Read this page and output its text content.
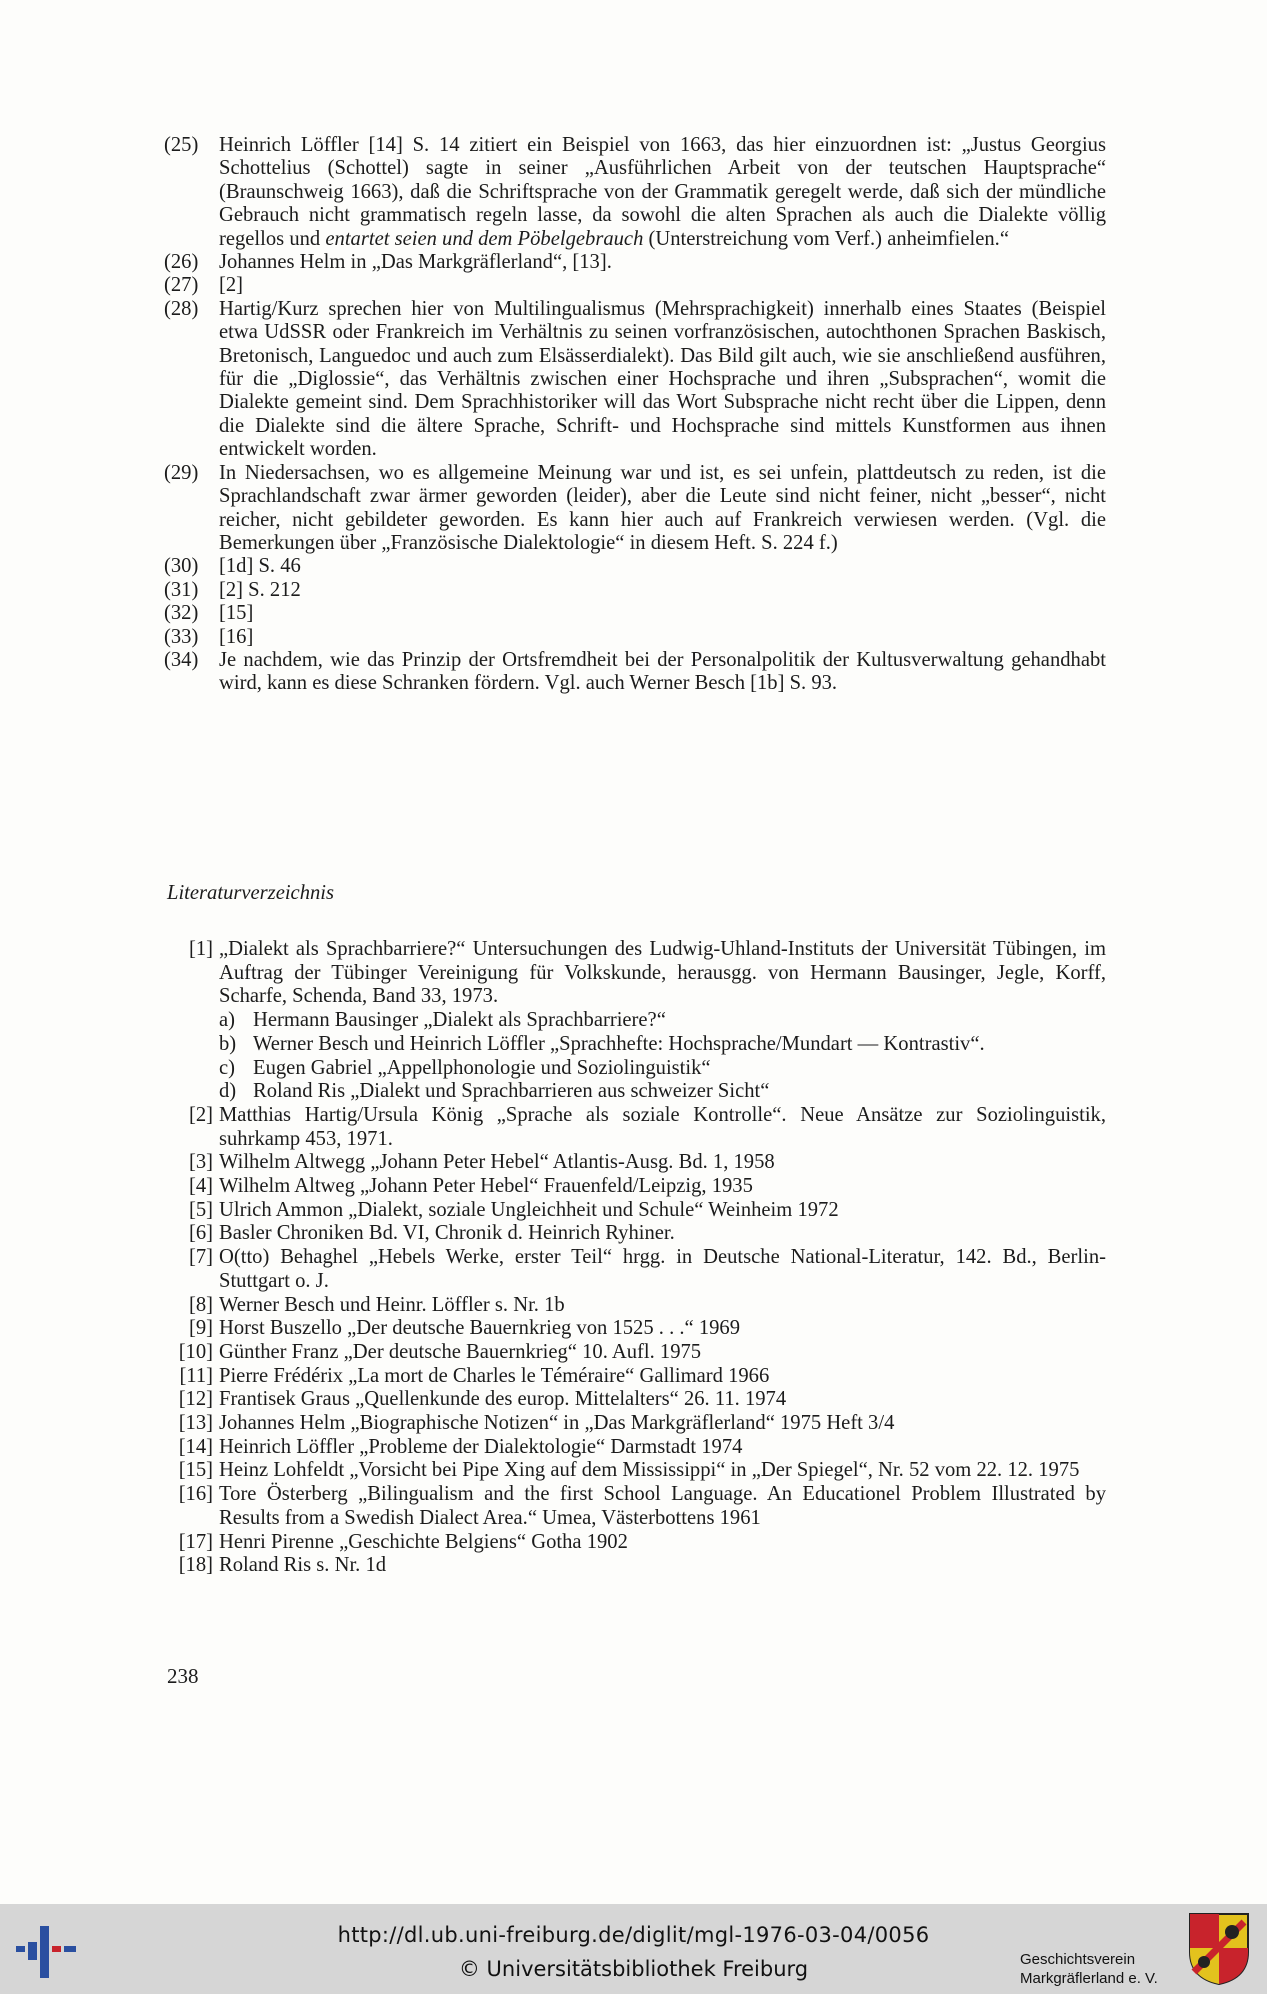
(25)	Heinrich Löffler [14] S. 14 zitiert ein Beispiel von 1663, das hier einzuordnen ist: „Justus Georgius Schottelius (Schottel) sagte in seiner „Ausführlichen Arbeit von der teutschen Hauptsprache“ (Braunschweig 1663), daß die Schriftsprache von der Grammatik geregelt werde, daß sich der mündliche Gebrauch nicht grammatisch regeln lasse, da sowohl die alten Sprachen als auch die Dialekte völlig regellos und entartet seien und dem Pöbelgebrauch (Unterstreichung vom Verf.) anheimfielen.“
(26)	Johannes Helm in „Das Markgräflerland“, [13].
(27)	[2]
(28)	Hartig/Kurz sprechen hier von Multilingualismus (Mehrsprachigkeit) innerhalb eines Staates (Beispiel etwa UdSSR oder Frankreich im Verhältnis zu seinen vorfranzösischen, autochthonen Sprachen Baskisch, Bretonisch, Languedoc und auch zum Elsässerdialekt). Das Bild gilt auch, wie sie anschließend ausführen, für die „Diglossie“, das Verhältnis zwischen einer Hochsprache und ihren „Subsprachen“, womit die Dialekte gemeint sind. Dem Sprachhistoriker will das Wort Subsprache nicht recht über die Lippen, denn die Dialekte sind die ältere Sprache, Schrift- und Hochsprache sind mittels Kunstformen aus ihnen entwickelt worden.
(29)	In Niedersachsen, wo es allgemeine Meinung war und ist, es sei unfein, plattdeutsch zu reden, ist die Sprachlandschaft zwar ärmer geworden (leider), aber die Leute sind nicht feiner, nicht „besser“, nicht reicher, nicht gebildeter geworden. Es kann hier auch auf Frankreich verwiesen werden. (Vgl. die Bemerkungen über „Französische Dialektologie“ in diesem Heft. S. 224 f.)
(30)	[1d] S. 46
(31)	[2] S. 212
(32)	[15]
(33)	[16]
(34)	Je nachdem, wie das Prinzip der Ortsfremdheit bei der Personalpolitik der Kultusverwaltung gehandhabt wird, kann es diese Schranken fördern. Vgl. auch Werner Besch [1b] S. 93.
Literaturverzeichnis
[1] „Dialekt als Sprachbarriere?“ Untersuchungen des Ludwig-Uhland-Instituts der Universität Tübingen, im Auftrag der Tübinger Vereinigung für Volkskunde, herausgg. von Hermann Bausinger, Jegle, Korff, Scharfe, Schenda, Band 33, 1973.
a) Hermann Bausinger „Dialekt als Sprachbarriere?“
b) Werner Besch und Heinrich Löffler „Sprachhefte: Hochsprache/Mundart — Kontrastiv“.
c) Eugen Gabriel „Appellphonologie und Soziolinguistik“
d) Roland Ris „Dialekt und Sprachbarrieren aus schweizer Sicht“
[2] Matthias Hartig/Ursula König „Sprache als soziale Kontrolle“. Neue Ansätze zur Soziolinguistik, suhrkamp 453, 1971.
[3] Wilhelm Altwegg „Johann Peter Hebel“ Atlantis-Ausg. Bd. 1, 1958
[4] Wilhelm Altweg „Johann Peter Hebel“ Frauenfeld/Leipzig, 1935
[5] Ulrich Ammon „Dialekt, soziale Ungleichheit und Schule“ Weinheim 1972
[6] Basler Chroniken Bd. VI, Chronik d. Heinrich Ryhiner.
[7] O(tto) Behaghel „Hebels Werke, erster Teil“ hrgg. in Deutsche National-Literatur, 142. Bd., Berlin-Stuttgart o. J.
[8] Werner Besch und Heinr. Löffler s. Nr. 1b
[9] Horst Buszello „Der deutsche Bauernkrieg von 1525 . . .“ 1969
[10] Günther Franz „Der deutsche Bauernkrieg“ 10. Aufl. 1975
[11] Pierre Frédérix „La mort de Charles le Téméraire“ Gallimard 1966
[12] Frantisek Graus „Quellenkunde des europ. Mittelalters“ 26. 11. 1974
[13] Johannes Helm „Biographische Notizen“ in „Das Markgräflerland“ 1975 Heft 3/4
[14] Heinrich Löffler „Probleme der Dialektologie“ Darmstadt 1974
[15] Heinz Lohfeldt „Vorsicht bei Pipe Xing auf dem Mississippi“ in „Der Spiegel“, Nr. 52 vom 22. 12. 1975
[16] Tore Österberg „Bilingualism and the first School Language. An Educationel Problem Illustrated by Results from a Swedish Dialect Area.“ Umea, Västerbottens 1961
[17] Henri Pirenne „Geschichte Belgiens“ Gotha 1902
[18] Roland Ris s. Nr. 1d
238
http://dl.ub.uni-freiburg.de/diglit/mgl-1976-03-04/0056
© Universitätsbibliothek Freiburg	Geschichtsverein
Markgräflerland e. V.
